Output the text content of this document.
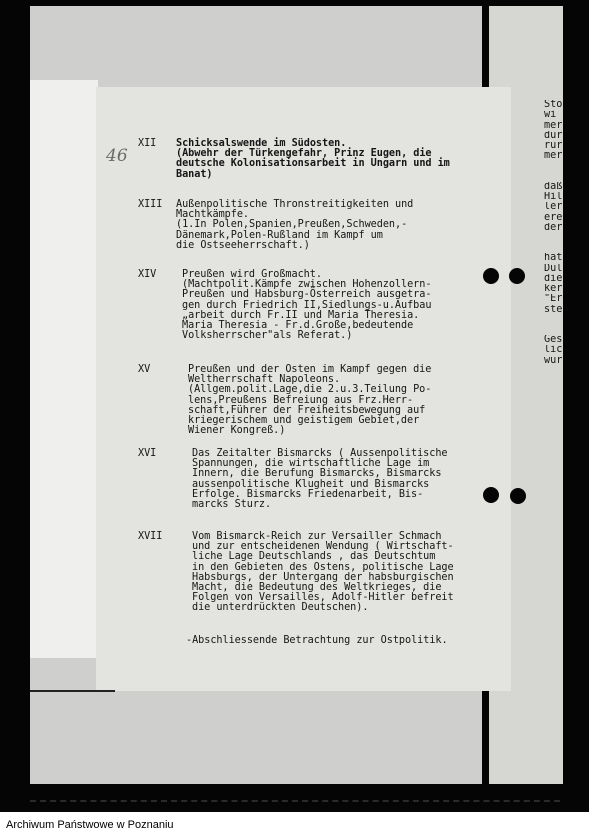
46
XII	Schicksalswende im Südosten.
(Abwehr der Türkengefahr, Prinz Eugen, die
deutsche Kolonisationsarbeit in Ungarn und im
Banat)
XIII	Außenpolitische Thronstreitigkeiten und
Machtkämpfe.
(1.In Polen,Spanien,Preußen,Schweden,-
Dänemark,Polen-Rußland im Kampf um
die Ostseeherrschaft.)
XIV	Preußen wird Großmacht.
(Machtpolit.Kämpfe zwischen Hohenzollern-
Preußen und Habsburg-Österreich ausgetra-
gen durch Friedrich II,Siedlungs-u.Aufbau
„arbeit durch Fr.II und Maria Theresia.
Maria Theresia - Fr.d.Große,bedeutende
Volksherrscher"als Referat.)
XV	Preußen und der Osten im Kampf gegen die
Weltherrschaft Napoleons.
(Allgem.polit.Lage,die 2.u.3.Teilung Po-
lens,Preußens Befreiung aus Frz.Herr-
schaft,Führer der Freiheitsbewegung auf
kriegerischem und geistigem Gebiet,der
Wiener Kongreß.)
XVI	Das Zeitalter Bismarcks ( Aussenpolitische
Spannungen, die wirtschaftliche Lage im
Innern, die Berufung Bismarcks, Bismarcks
aussenpolitische Klugheit und Bismarcks
Erfolge. Bismarcks Friedenarbeit, Bis-
marcks Sturz.
XVII	Vom Bismarck-Reich zur Versailler Schmach
und zur entscheidenen Wendung ( Wirtschaft-
liche Lage Deutschlands , das Deutschtum
in den Gebieten des Ostens, politische Lage
Habsburgs, der Untergang der habsburgischen
Macht, die Bedeutung des Weltkrieges, die
Folgen von Versailles, Adolf-Hitler befreit
die unterdrückten Deutschen).
-Abschliessende Betrachtung zur Ostpolitik.
Sto
wi
mer
dur
rur
mer
daß
Hil
ler
ere
der
hat
Dul
die
ker
"Er
ste
Ges
lic
wur
Archiwum Państwowe w Poznaniu
